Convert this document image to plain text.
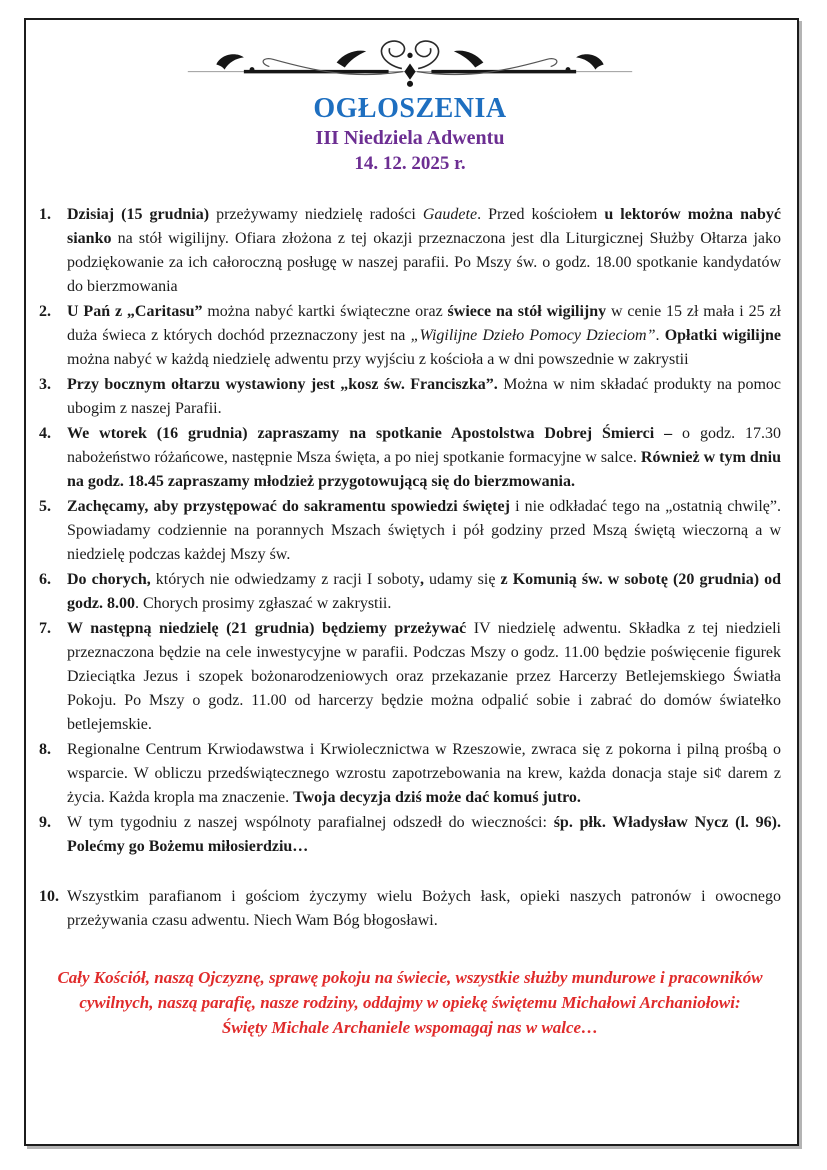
OGŁOSZENIA
III Niedziela Adwentu
14. 12. 2025 r.
1. Dzisiaj (15 grudnia) przeżywamy niedzielę radości Gaudete. Przed kościołem u lektorów można nabyć sianko na stół wigilijny. Ofiara złożona z tej okazji przeznaczona jest dla Liturgicznej Służby Ołtarza jako podziękowanie za ich całoroczną posługę w naszej parafii. Po Mszy św. o godz. 18.00 spotkanie kandydatów do bierzmowania
2. U Pań z „Caritasu” można nabyć kartki świąteczne oraz świece na stół wigilijny w cenie 15 zł mała i 25 zł duża świeca z których dochód przeznaczony jest na „Wigilijne Dzieło Pomocy Dzieciom”. Opłatki wigilijne można nabyć w każdą niedzielę adwentu przy wyjściu z kościoła a w dni powszednie w zakrystii
3. Przy bocznym ołtarzu wystawiony jest „kosz św. Franciszka”. Można w nim składać produkty na pomoc ubogim z naszej Parafii.
4. We wtorek (16 grudnia) zapraszamy na spotkanie Apostolstwa Dobrej Śmierci – o godz. 17.30 nabożeństwo różańcowe, następnie Msza święta, a po niej spotkanie formacyjne w salce. Również w tym dniu na godz. 18.45 zapraszamy młodzież przygotowującą się do bierzmowania.
5. Zachęcamy, aby przystępować do sakramentu spowiedzi świętej i nie odkładać tego na „ostatnią chwilę”. Spowiadamy codziennie na porannych Mszach świętych i pół godziny przed Mszą świętą wieczorną a w niedzielę podczas każdej Mszy św.
6. Do chorych, których nie odwiedzamy z racji I soboty, udamy się z Komunią św. w sobotę (20 grudnia) od godz. 8.00. Chorych prosimy zgłaszać w zakrystii.
7. W następną niedzielę (21 grudnia) będziemy przeżywać IV niedzielę adwentu. Składka z tej niedzieli przeznaczona będzie na cele inwestycyjne w parafii. Podczas Mszy o godz. 11.00 będzie poświęcenie figurek Dzieciątka Jezus i szopek bożonarodzeniowych oraz przekazanie przez Harcerzy Betlejemskiego Światła Pokoju. Po Mszy o godz. 11.00 od harcerzy będzie można odpalić sobie i zabrać do domów światełko betlejemskie.
8. Regionalne Centrum Krwiodawstwa i Krwiolecznictwa w Rzeszowie, zwraca się z pokorna i pilną prośbą o wsparcie. W obliczu przedświątecznego wzrostu zapotrzebowania na krew, każda donacja staje si¢ darem z życia. Każda kropla ma znaczenie. Twoja decyzja dziś może dać komuś jutro.
9. W tym tygodniu z naszej wspólnoty parafialnej odszedł do wieczności: śp. płk. Władysław Nycz (l. 96). Polećmy go Bożemu miłosierdziu…
10. Wszystkim parafianom i gościom życzymy wielu Bożych łask, opieki naszych patronów i owocnego przeżywania czasu adwentu. Niech Wam Bóg błogosławi.

Cały Kościół, naszą Ojczyznę, sprawę pokoju na świecie, wszystkie służby mundurowe i pracowników cywilnych, naszą parafię, nasze rodziny, oddajmy w opiekę świętemu Michałowi Archaniołowi:

Święty Michale Archaniele wspomagaj nas w walce…
